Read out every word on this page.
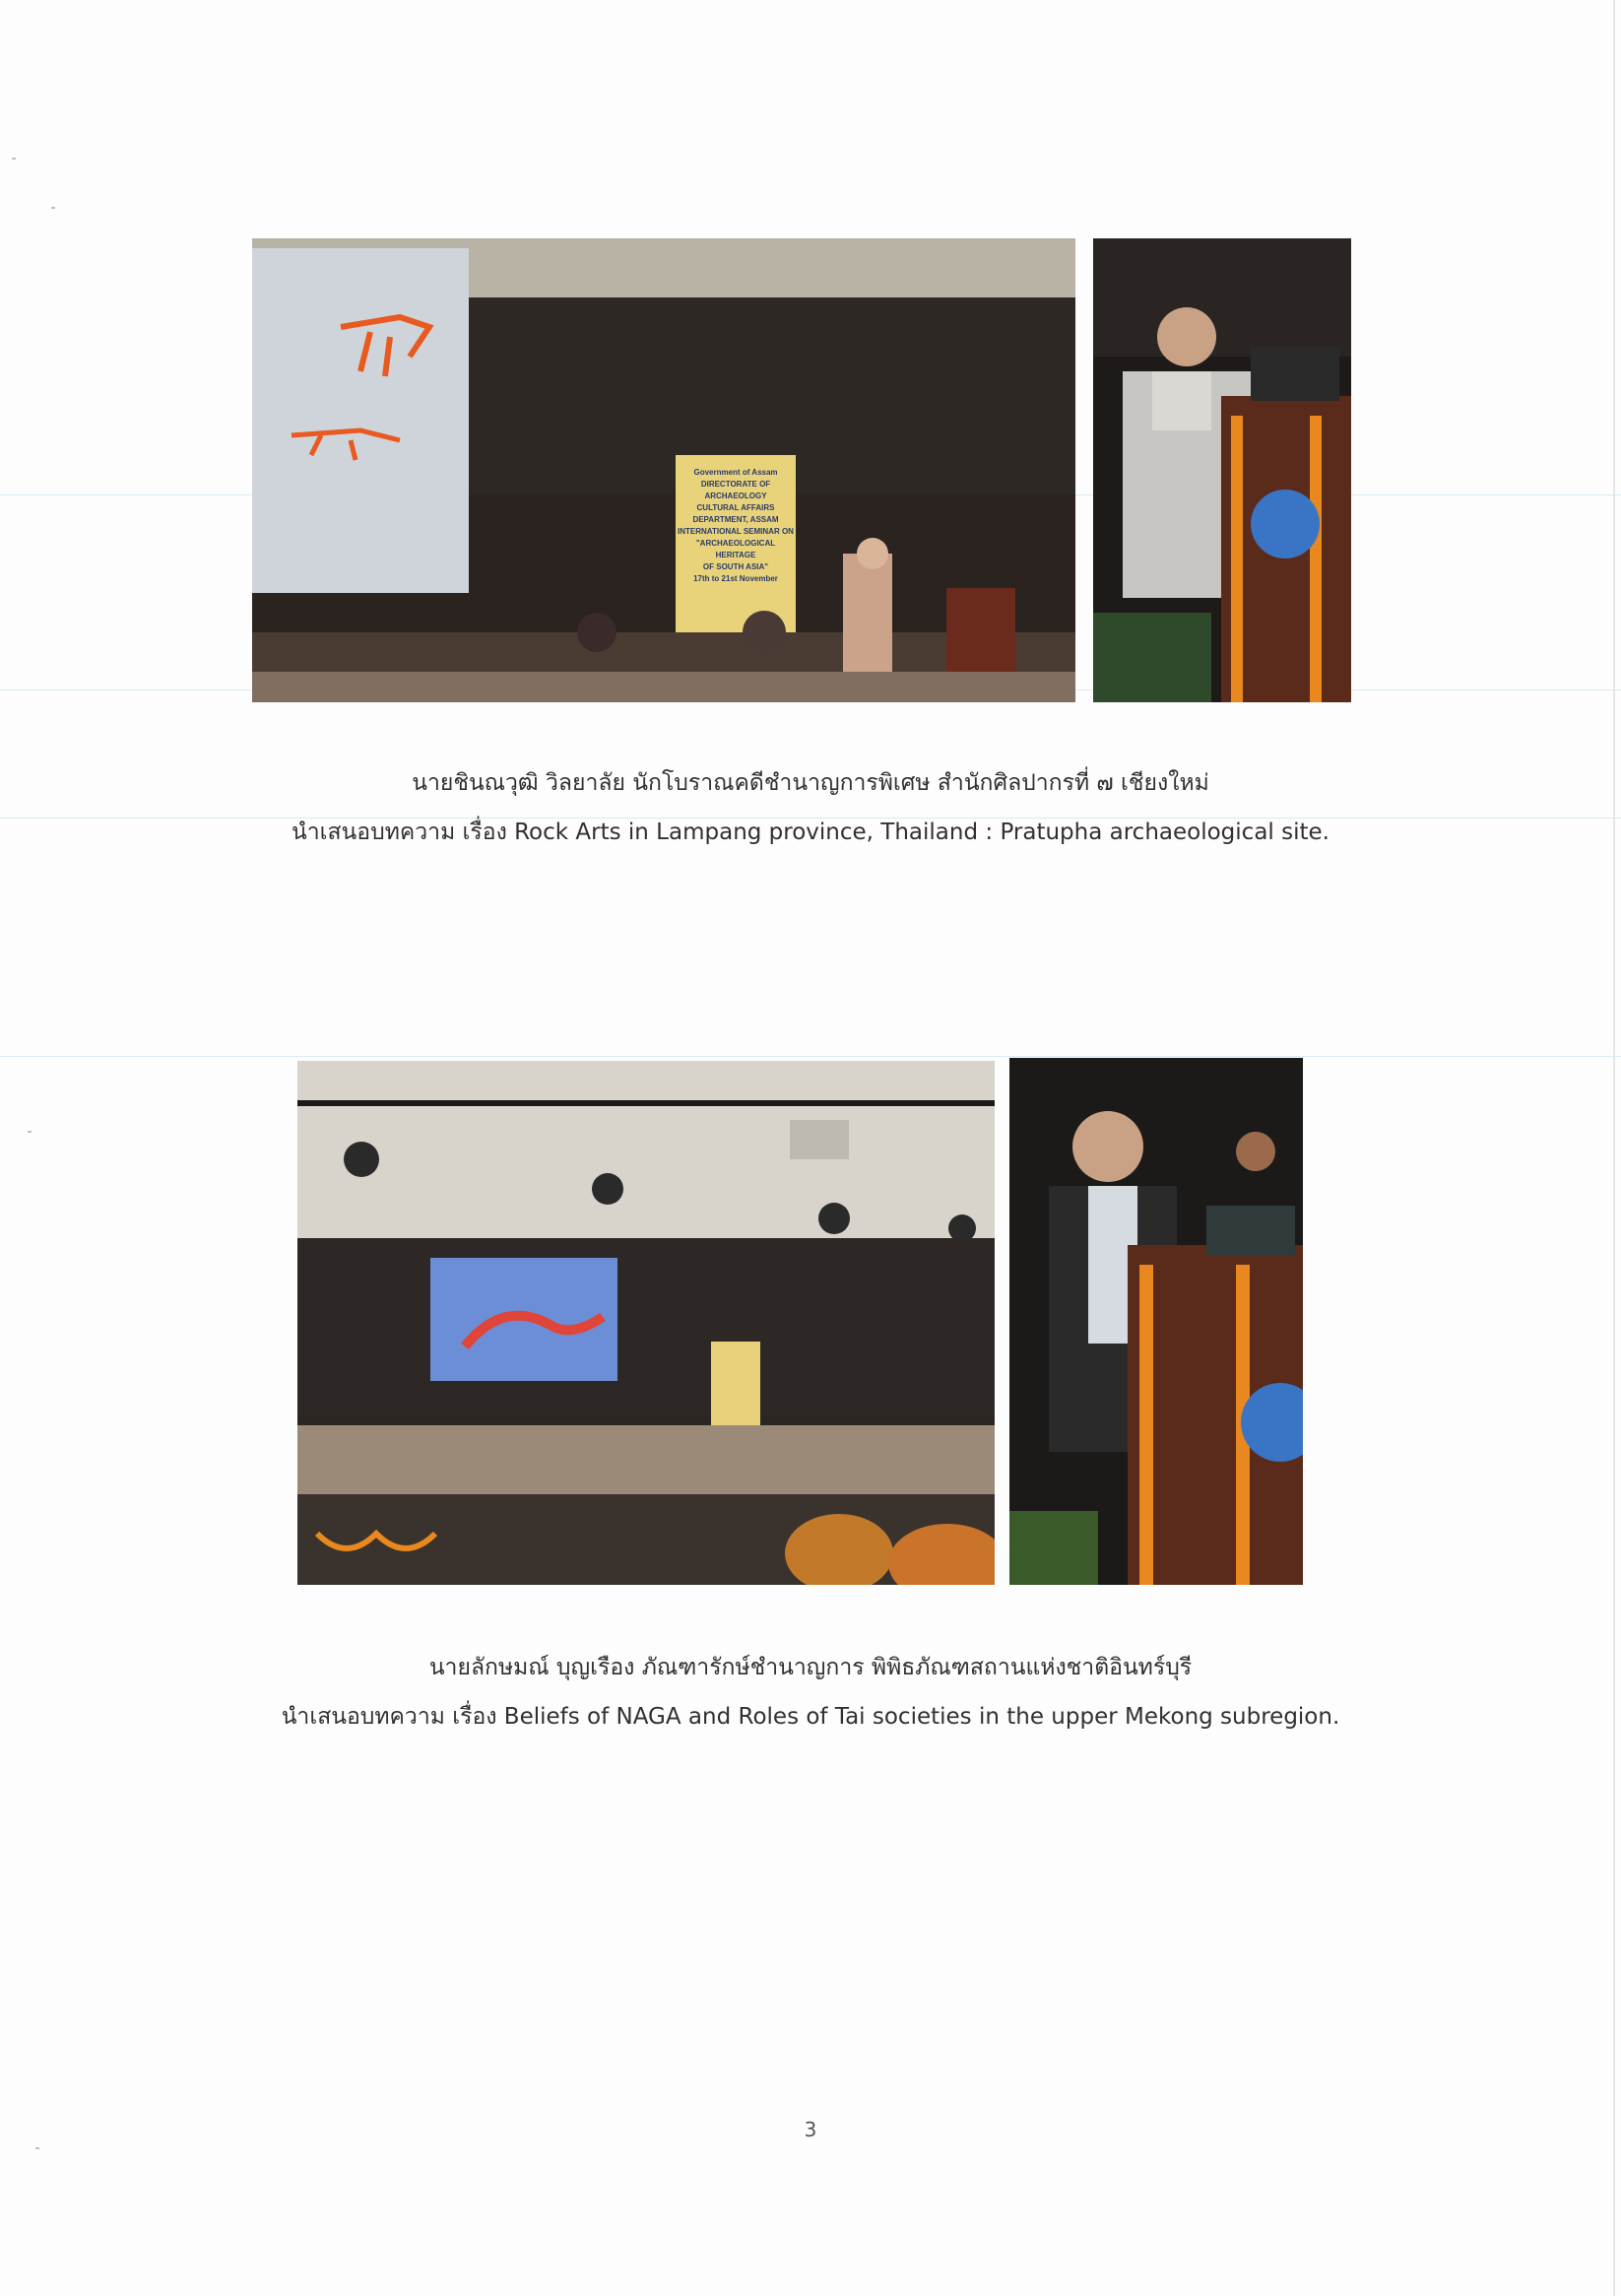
Government of Assam
DIRECTORATE OF ARCHAEOLOGY
CULTURAL AFFAIRS DEPARTMENT, ASSAM
INTERNATIONAL SEMINAR ON
"ARCHAEOLOGICAL HERITAGE
OF SOUTH ASIA"
17th to 21st November
นายชินณวุฒิ วิลยาลัย นักโบราณคดีชำนาญการพิเศษ สำนักศิลปากรที่ ๗ เชียงใหม่
นำเสนอบทความ เรื่อง Rock Arts in Lampang province, Thailand : Pratupha archaeological site.
นายลักษมณ์ บุญเรือง ภัณฑารักษ์ชำนาญการ พิพิธภัณฑสถานแห่งชาติอินทร์บุรี
นำเสนอบทความ เรื่อง Beliefs of NAGA and Roles of Tai societies in the upper Mekong subregion.
3
